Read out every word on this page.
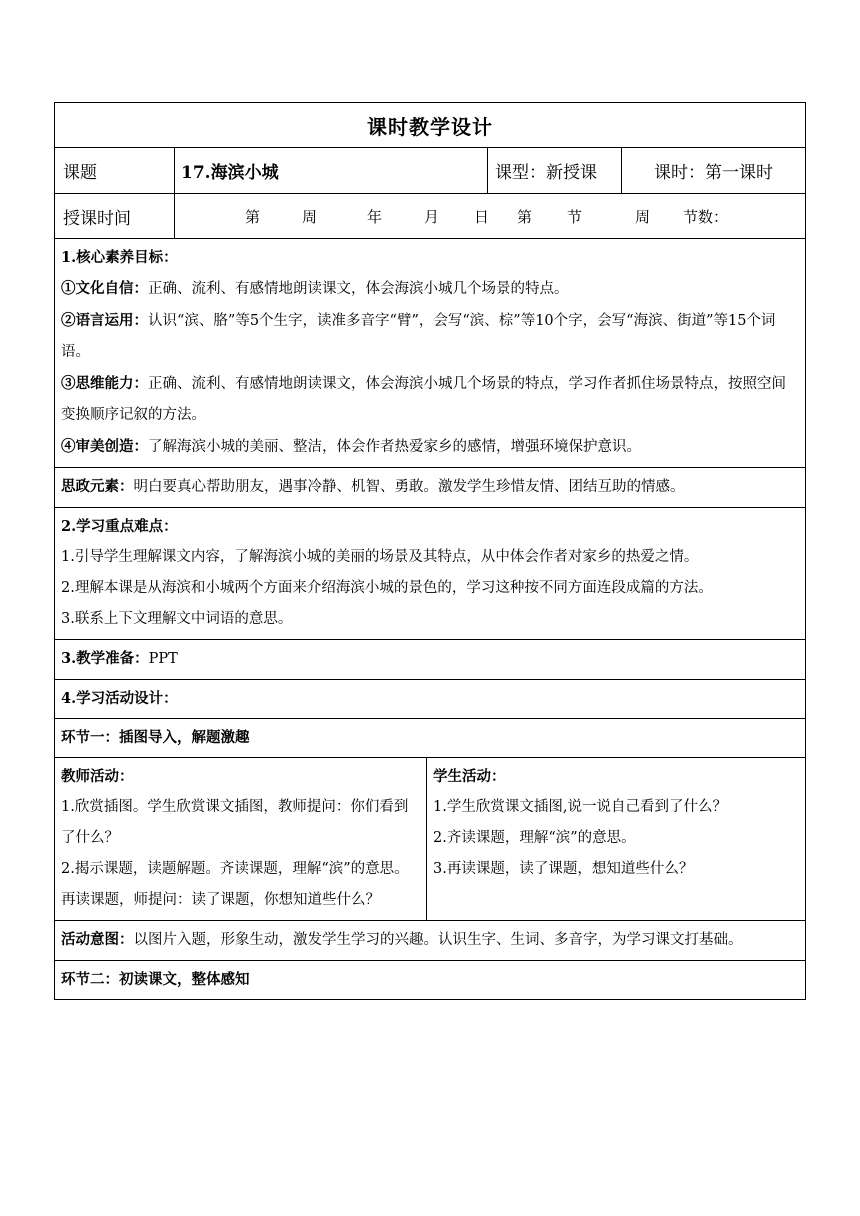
课时教学设计
课题	17.海滨小城	课型：新授课	课时：第一课时
授课时间	第	周	年	月	日	第	节	周	节数：

1.核心素养目标：

①文化自信：正确、流利、有感情地朗读课文，体会海滨小城几个场景的特点。

②语言运用：认识“滨、胳”等5个生字，读准多音字“臂”，会写“滨、棕”等10个字，会写“海滨、街道”等15个词语。

③思维能力：正确、流利、有感情地朗读课文，体会海滨小城几个场景的特点，学习作者抓住场景特点，按照空间变换顺序记叙的方法。

④审美创造：了解海滨小城的美丽、整洁，体会作者热爱家乡的感情，增强环境保护意识。

思政元素：明白要真心帮助朋友，遇事冷静、机智、勇敢。激发学生珍惜友情、团结互助的情感。

2.学习重点难点：

1.引导学生理解课文内容，了解海滨小城的美丽的场景及其特点，从中体会作者对家乡的热爱之情。

2.理解本课是从海滨和小城两个方面来介绍海滨小城的景色的，学习这种按不同方面连段成篇的方法。

3.联系上下文理解文中词语的意思。

3.教学准备：PPT

4.学习活动设计：

环节一：插图导入，解题激趣

教师活动：

1.欣赏插图。学生欣赏课文插图，教师提问：你们看到了什么？

2.揭示课题，读题解题。齐读课题，理解“滨”的意思。再读课题，师提问：读了课题，你想知道些什么？

学生活动：

1.学生欣赏课文插图,说一说自己看到了什么？

2.齐读课题，理解“滨”的意思。

3.再读课题，读了课题，想知道些什么？

活动意图：以图片入题，形象生动，激发学生学习的兴趣。认识生字、生词、多音字，为学习课文打基础。

环节二：初读课文，整体感知
